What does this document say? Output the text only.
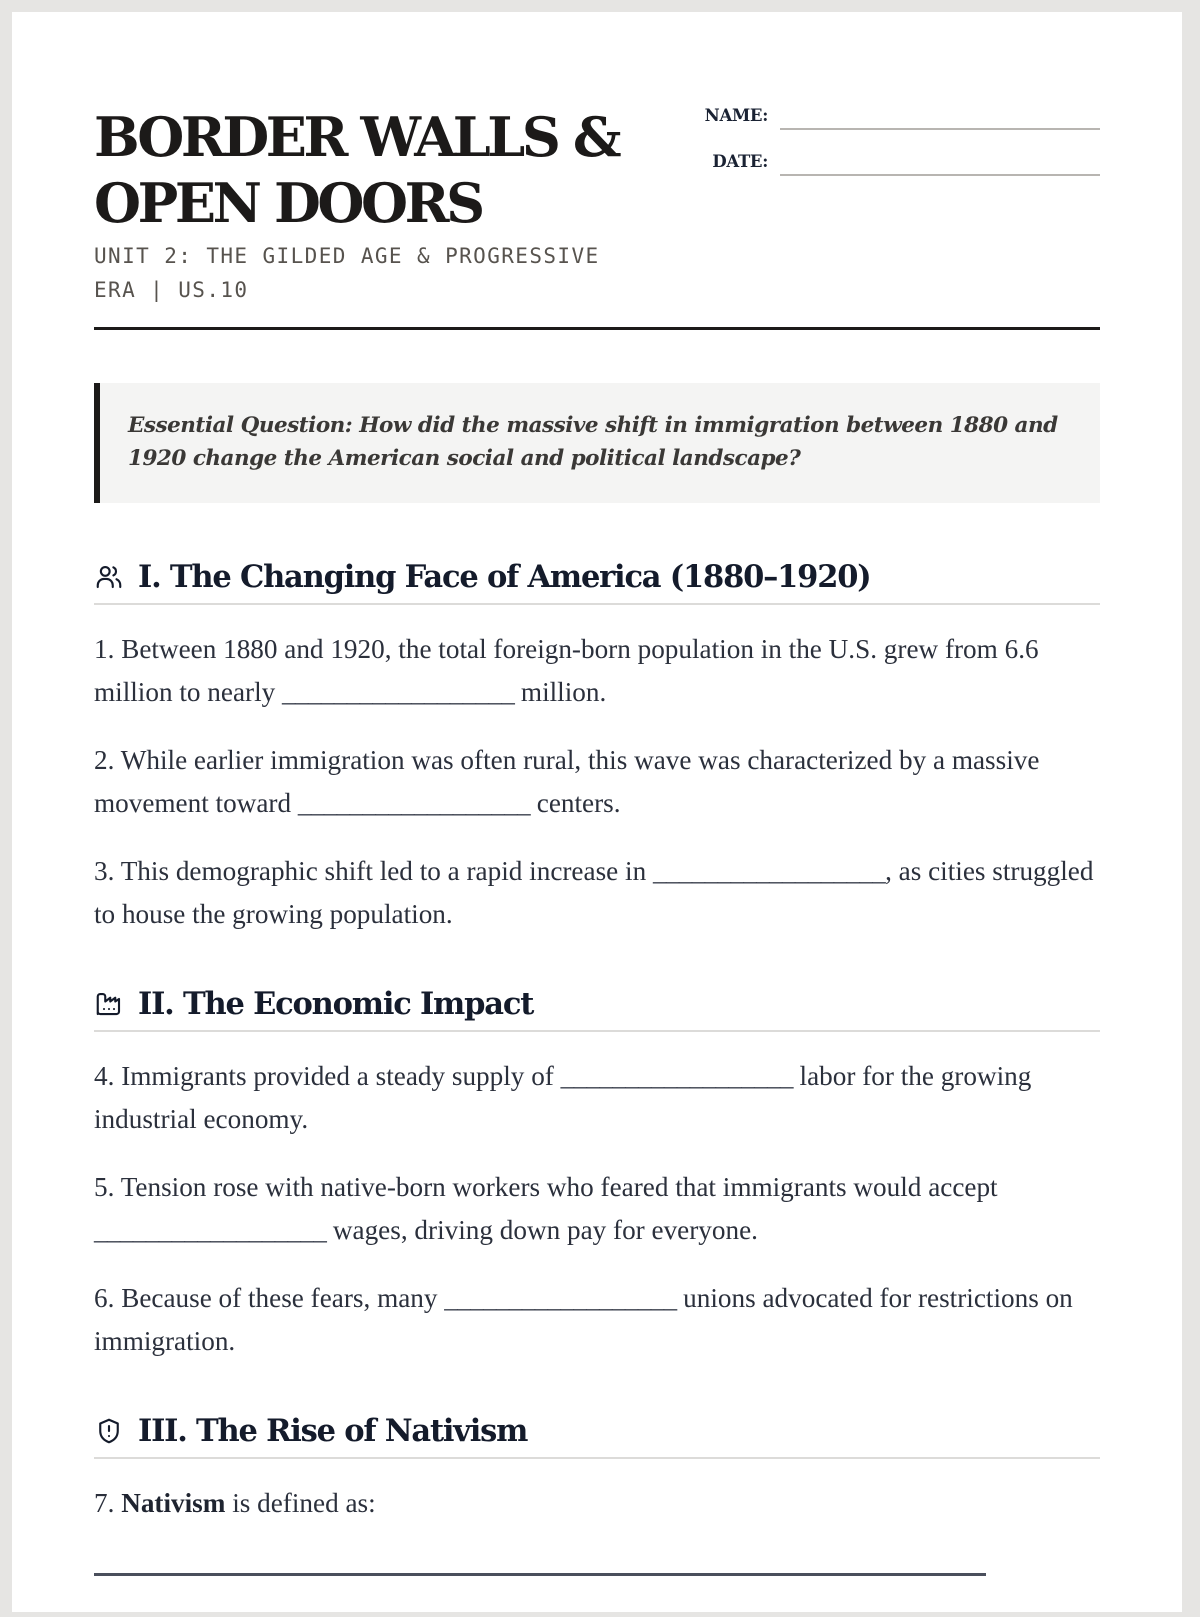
BORDER WALLS &
OPEN DOORS
UNIT 2: THE GILDED AGE & PROGRESSIVE ERA | US.10
NAME:
DATE:
Essential Question: How did the massive shift in immigration between 1880 and 1920 change the American social and political landscape?
I. The Changing Face of America (1880–1920)

1. Between 1880 and 1920, the total foreign-born population in the U.S. grew from 6.6 million to nearly __________________ million.

2. While earlier immigration was often rural, this wave was characterized by a massive movement toward __________________ centers.

3. This demographic shift led to a rapid increase in __________________, as cities struggled to house the growing population.

II. The Economic Impact

4. Immigrants provided a steady supply of __________________ labor for the growing industrial economy.

5. Tension rose with native-born workers who feared that immigrants would accept __________________ wages, driving down pay for everyone.

6. Because of these fears, many __________________ unions advocated for restrictions on immigration.

III. The Rise of Nativism

7. Nativism is defined as:
